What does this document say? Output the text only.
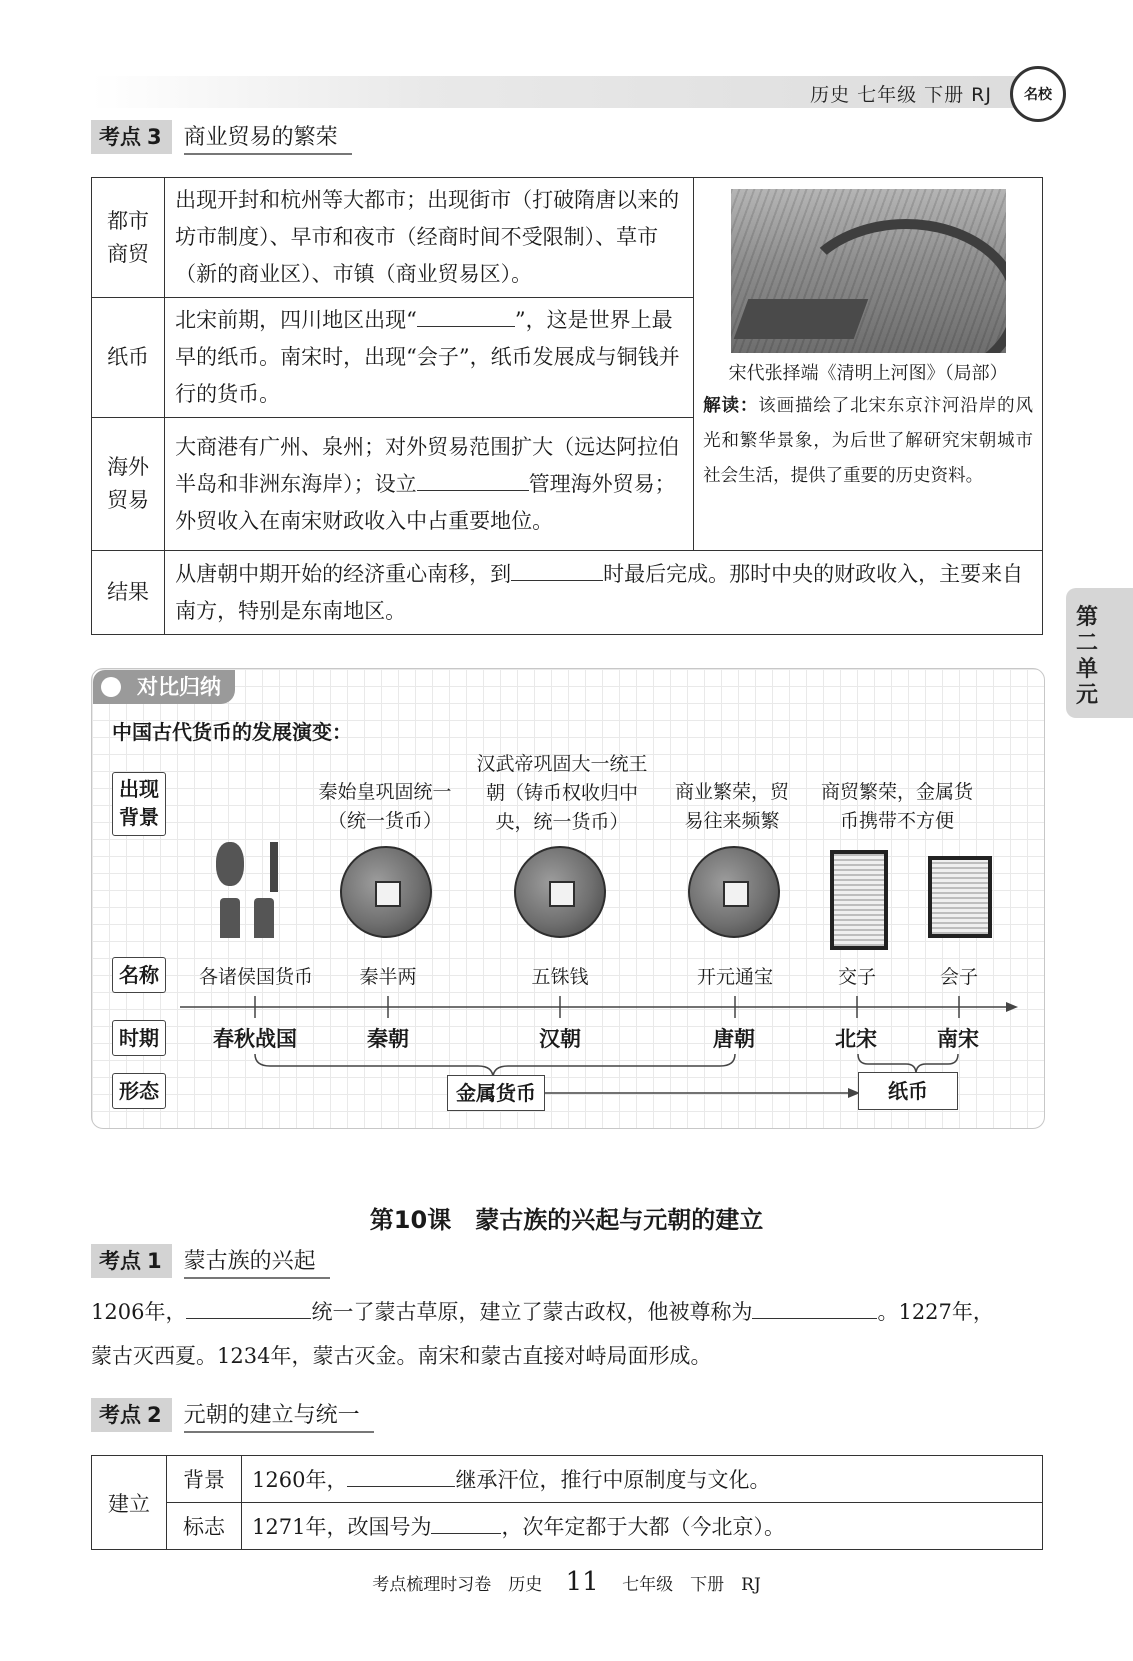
历史 七年级 下册 RJ	名校
考点 3	商业贸易的繁荣
都市商贸	出现开封和杭州等大都市；出现街市（打破隋唐以来的坊市制度）、早市和夜市（经商时间不受限制）、草市（新的商业区）、市镇（商业贸易区）。	宋代张择端《清明上河图》（局部）
解读：该画描绘了北宋东京汴河沿岸的风光和繁华景象，为后世了解研究宋朝城市社会生活，提供了重要的历史资料。

纸币	北宋前期，四川地区出现“ ”，这是世界上最早的纸币。南宋时，出现“会子”，纸币发展成与铜钱并行的货币。	

海外贸易	大商港有广州、泉州；对外贸易范围扩大（远达阿拉伯半岛和非洲东海岸）；设立 管理海外贸易；外贸收入在南宋财政收入中占重要地位。	
结果	从唐朝中期开始的经济重心南移，到 时最后完成。那时中央的财政收入，主要来自南方，特别是东南地区。		第二单元
对比归纳
中国古代货币的发展演变：
出现背景
名称
时期
形态
秦始皇巩固统一（统一货币）
汉武帝巩固大一统王朝（铸币权收归中央，统一货币）
商业繁荣，贸易往来频繁
商贸繁荣，金属货币携带不方便
各诸侯国货币	秦半两	五铢钱	开元通宝	交子	会子
春秋战国	秦朝	汉朝	唐朝	北宋	南宋
金属货币	纸币
第10课　蒙古族的兴起与元朝的建立
考点 1	蒙古族的兴起
1206年，	统一了蒙古草原，建立了蒙古政权，他被尊称为	。1227年，
蒙古灭西夏。1234年，蒙古灭金。南宋和蒙古直接对峙局面形成。
考点 2	元朝的建立与统一
建立	背景	1260年， 继承汗位，推行中原制度与文化。
	标志	1271年，改国号为 ，次年定都于大都（今北京）。
考点梳理时习卷　历史 11 七年级　下册　RJ
